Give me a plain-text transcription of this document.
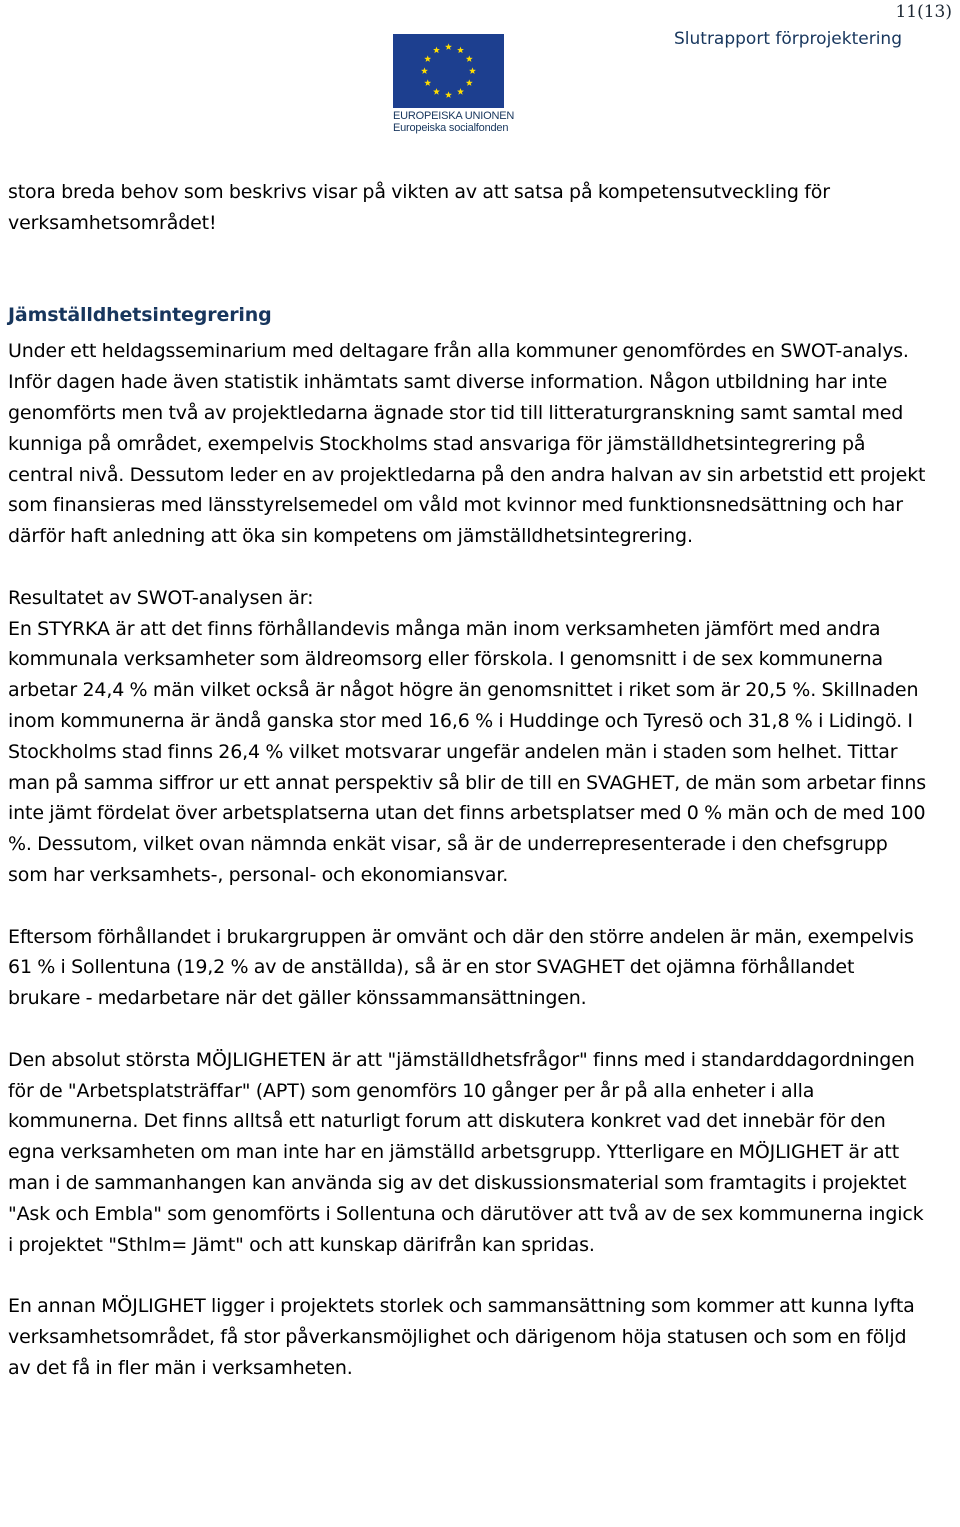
11(13)
Slutrapport förprojektering
EUROPEISKA UNIONEN
Europeiska socialfonden

stora breda behov som beskrivs visar på vikten av att satsa på kompetensutveckling för verksamhetsområdet!

Jämställdhetsintegrering

Under ett heldagsseminarium med deltagare från alla kommuner genomfördes en SWOT-analys. Inför dagen hade även statistik inhämtats samt diverse information. Någon utbildning har inte genomförts men två av projektledarna ägnade stor tid till litteraturgranskning samt samtal med kunniga på området, exempelvis Stockholms stad ansvariga för jämställdhetsintegrering på central nivå. Dessutom leder en av projektledarna på den andra halvan av sin arbetstid ett projekt som finansieras med länsstyrelsemedel om våld mot kvinnor med funktionsnedsättning och har därför haft anledning att öka sin kompetens om jämställdhetsintegrering.

Resultatet av SWOT-analysen är:

En STYRKA är att det finns förhållandevis många män inom verksamheten jämfört med andra kommunala verksamheter som äldreomsorg eller förskola. I genomsnitt i de sex kommunerna arbetar 24,4 % män vilket också är något högre än genomsnittet i riket som är 20,5 %. Skillnaden inom kommunerna är ändå ganska stor med 16,6 % i Huddinge och Tyresö och 31,8 % i Lidingö. I Stockholms stad finns 26,4 % vilket motsvarar ungefär andelen män i staden som helhet. Tittar man på samma siffror ur ett annat perspektiv så blir de till en SVAGHET, de män som arbetar finns inte jämt fördelat över arbetsplatserna utan det finns arbetsplatser med 0 % män och de med 100 %. Dessutom, vilket ovan nämnda enkät visar, så är de underrepresenterade i den chefsgrupp som har verksamhets-, personal- och ekonomiansvar.

Eftersom förhållandet i brukargruppen är omvänt och där den större andelen är män, exempelvis 61 % i Sollentuna (19,2 % av de anställda), så är en stor SVAGHET det ojämna förhållandet brukare - medarbetare när det gäller könssammansättningen.

Den absolut största MÖJLIGHETEN är att "jämställdhetsfrågor" finns med i standarddagordningen för de "Arbetsplatsträffar" (APT) som genomförs 10 gånger per år på alla enheter i alla kommunerna. Det finns alltså ett naturligt forum att diskutera konkret vad det innebär för den egna verksamheten om man inte har en jämställd arbetsgrupp. Ytterligare en MÖJLIGHET är att man i de sammanhangen kan använda sig av det diskussionsmaterial som framtagits i projektet "Ask och Embla" som genomförts i Sollentuna och därutöver att två av de sex kommunerna ingick i projektet "Sthlm= Jämt" och att kunskap därifrån kan spridas.

En annan MÖJLIGHET ligger i projektets storlek och sammansättning som kommer att kunna lyfta verksamhetsområdet, få stor påverkansmöjlighet och därigenom höja statusen och som en följd av det få in fler män i verksamheten.
